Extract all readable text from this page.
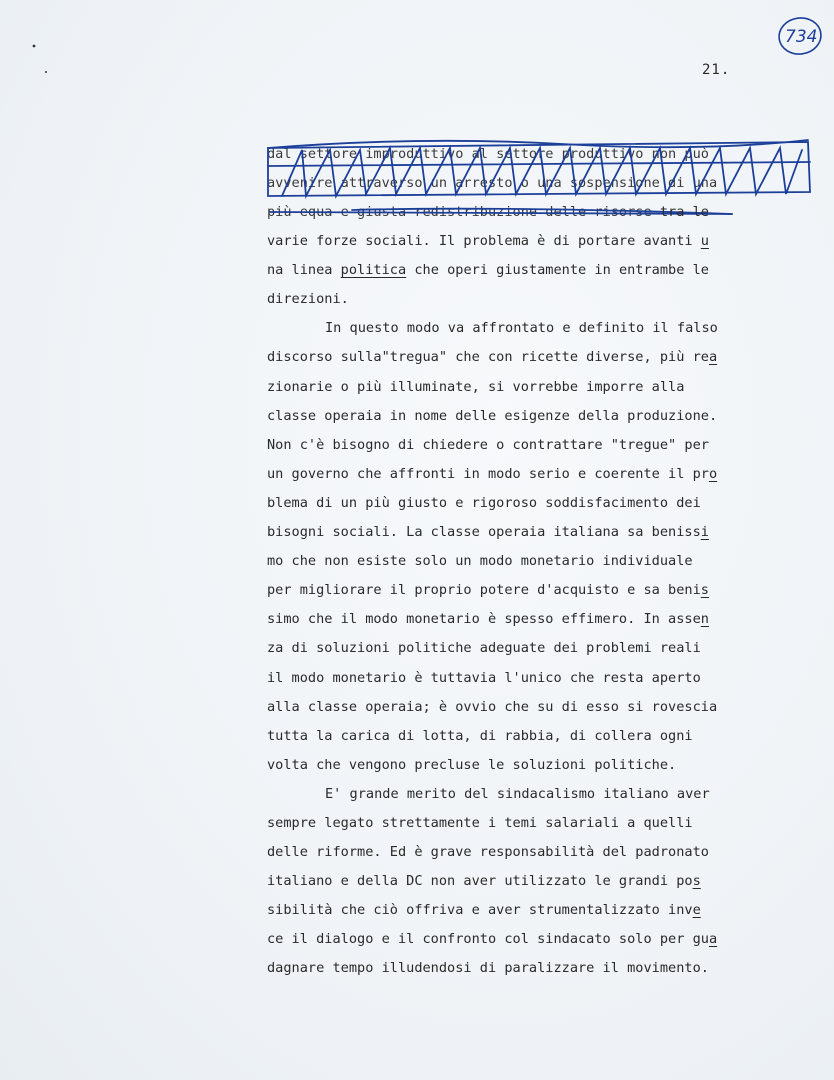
734
21.
dal settore improduttivo al settore produttivo non può
avvenire attraverso un arresto o una sospensione di una
più equa e giusta redistribuzione delle risorse tra le
varie forze sociali. Il problema è di portare avanti u
na linea politica che operi giustamente in entrambe le
direzioni.
In questo modo va affrontato e definito il falso
discorso sulla"tregua" che con ricette diverse, più rea
zionarie o più illuminate, si vorrebbe imporre alla
classe operaia in nome delle esigenze della produzione.
Non c'è bisogno di chiedere o contrattare "tregue" per
un governo che affronti in modo serio e coerente il pro
blema di un più giusto e rigoroso soddisfacimento dei
bisogni sociali. La classe operaia italiana sa benissi
mo che non esiste solo un modo monetario individuale
per migliorare il proprio potere d'acquisto e sa benis
simo che il modo monetario è spesso effimero. In assen
za di soluzioni politiche adeguate dei problemi reali
il modo monetario è tuttavia l'unico che resta aperto
alla classe operaia; è ovvio che su di esso si rovescia
tutta la carica di lotta, di rabbia, di collera ogni
volta che vengono precluse le soluzioni politiche.
E' grande merito del sindacalismo italiano aver
sempre legato strettamente i temi salariali a quelli
delle riforme. Ed è grave responsabilità del padronato
italiano e della DC non aver utilizzato le grandi pos
sibilità che ciò offriva e aver strumentalizzato inve
ce il dialogo e il confronto col sindacato solo per gua
dagnare tempo illudendosi di paralizzare il movimento.
